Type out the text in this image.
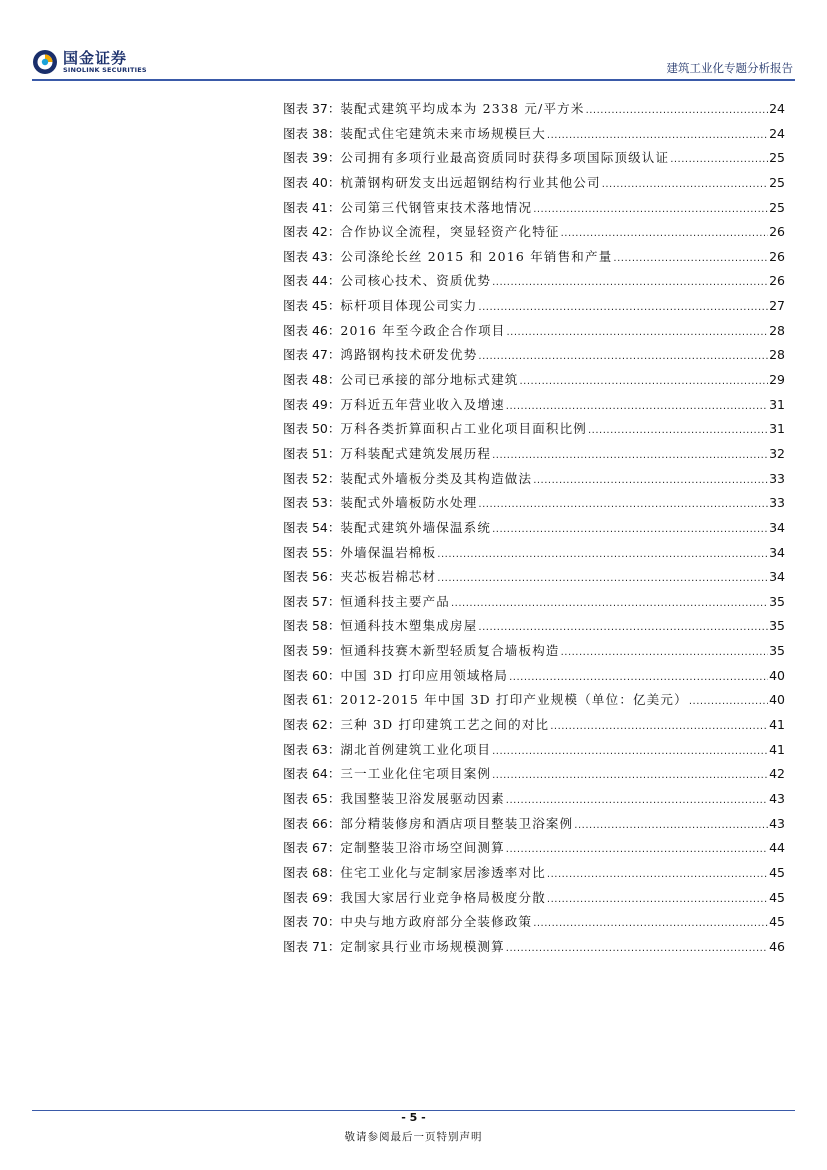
国金证券
SINOLINK SECURITIES	建筑工业化专题分析报告
图表 37： 装配式建筑平均成本为 2338 元/平方米 .....	24
图表 38： 装配式住宅建筑未来市场规模巨大 .....	24
图表 39： 公司拥有多项行业最高资质同时获得多项国际顶级认证 .....	25
图表 40： 杭萧钢构研发支出远超钢结构行业其他公司 .....	25
图表 41： 公司第三代钢管束技术落地情况 .....	25
图表 42： 合作协议全流程，突显轻资产化特征 .....	26
图表 43： 公司涤纶长丝 2015 和 2016 年销售和产量 .....	26
图表 44： 公司核心技术、资质优势 .....	26
图表 45： 标杆项目体现公司实力 .....	27
图表 46： 2016 年至今政企合作项目 .....	28
图表 47： 鸿路钢构技术研发优势 .....	28
图表 48： 公司已承接的部分地标式建筑 .....	29
图表 49： 万科近五年营业收入及增速 .....	31
图表 50： 万科各类折算面积占工业化项目面积比例 .....	31
图表 51： 万科装配式建筑发展历程 .....	32
图表 52： 装配式外墙板分类及其构造做法 .....	33
图表 53： 装配式外墙板防水处理 .....	33
图表 54： 装配式建筑外墙保温系统 .....	34
图表 55： 外墙保温岩棉板 .....	34
图表 56： 夹芯板岩棉芯材 .....	34
图表 57： 恒通科技主要产品 .....	35
图表 58： 恒通科技木塑集成房屋 .....	35
图表 59： 恒通科技赛木新型轻质复合墙板构造 .....	35
图表 60： 中国 3D 打印应用领域格局 .....	40
图表 61： 2012-2015 年中国 3D 打印产业规模（单位：亿美元） .....	40
图表 62： 三种 3D 打印建筑工艺之间的对比 .....	41
图表 63： 湖北首例建筑工业化项目 .....	41
图表 64： 三一工业化住宅项目案例 .....	42
图表 65： 我国整装卫浴发展驱动因素 .....	43
图表 66： 部分精装修房和酒店项目整装卫浴案例 .....	43
图表 67： 定制整装卫浴市场空间测算 .....	44
图表 68： 住宅工业化与定制家居渗透率对比 .....	45
图表 69： 我国大家居行业竞争格局极度分散 .....	45
图表 70： 中央与地方政府部分全装修政策 .....	45
图表 71： 定制家具行业市场规模测算 .....	46
- 5 -
敬请参阅最后一页特别声明
